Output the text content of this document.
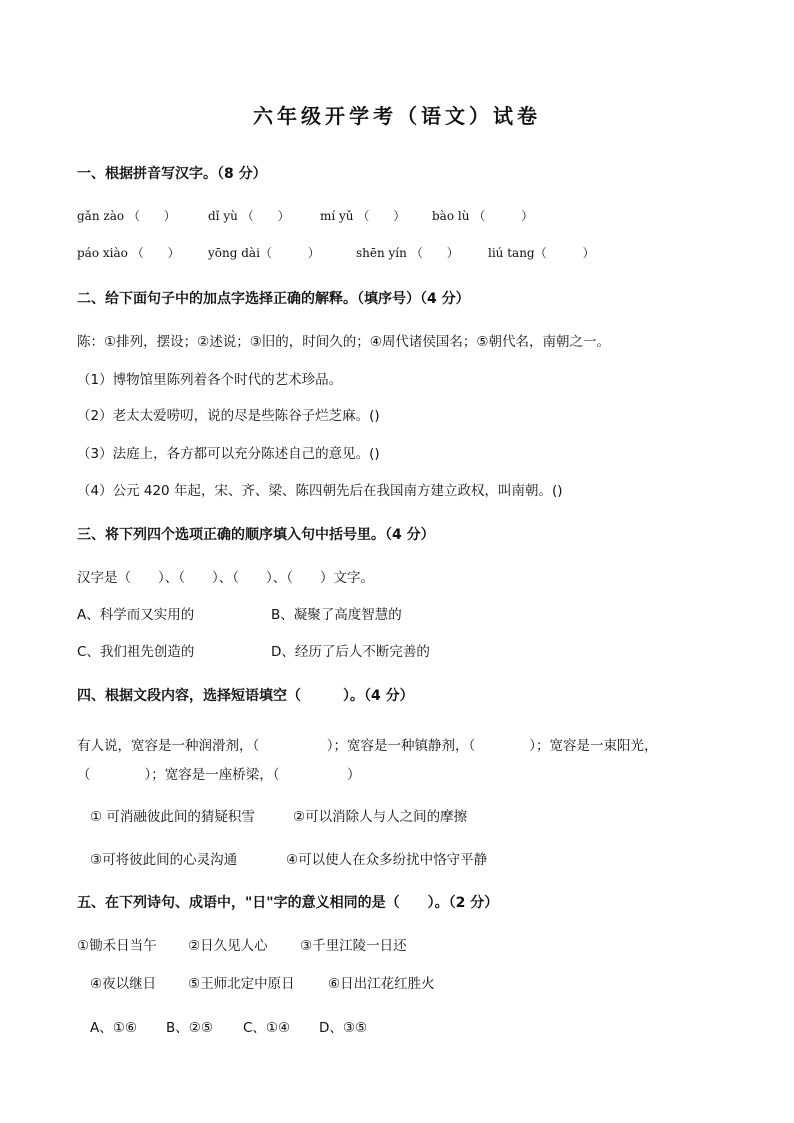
六年级开学考（语文）试卷
一、根据拼音写汉字。（8 分）
gǎn zào （　　）	dǐ yù （　　）	mí yǔ （　　） bào lù （　　　）
páo xiào （　　） yōng dài（　　　）	shēn yín （　　） liú tang（　　　）
二、给下面句子中的加点字选择正确的解释。（填序号）（4 分）
陈：①排列，摆设；②述说；③旧的，时间久的；④周代诸侯国名；⑤朝代名，南朝之一。
（1）博物馆里陈列着各个时代的艺术珍品。
（2）老太太爱唠叨，说的尽是些陈谷子烂芝麻。()
（3）法庭上，各方都可以充分陈述自己的意见。()
（4）公元 420 年起，宋、齐、梁、陈四朝先后在我国南方建立政权，叫南朝。()
三、将下列四个选项正确的顺序填入句中括号里。（4 分）
汉字是（　　）、（　　）、（　　）、（　　）文字。
A、科学而又实用的	B、凝聚了高度智慧的
C、我们祖先创造的	D、经历了后人不断完善的
四、根据文段内容，选择短语填空（　　　）。（4 分）
有人说，宽容是一种润滑剂，（　　　　　）；宽容是一种镇静剂，（　　　　）；宽容是一束阳光，
（　　　　）；宽容是一座桥梁，（　　　　　）
① 可消融彼此间的猜疑积雪	②可以消除人与人之间的摩擦
③可将彼此间的心灵沟通	④可以使人在众多纷扰中恪守平静
五、在下列诗句、成语中，"日"字的意义相同的是（　　）。（2 分）
①锄禾日当午 ②日久见人心 ③千里江陵一日还
④夜以继日 ⑤王师北定中原日 ⑥日出江花红胜火
A、①⑥ B、②⑤ C、①④ D、③⑤
